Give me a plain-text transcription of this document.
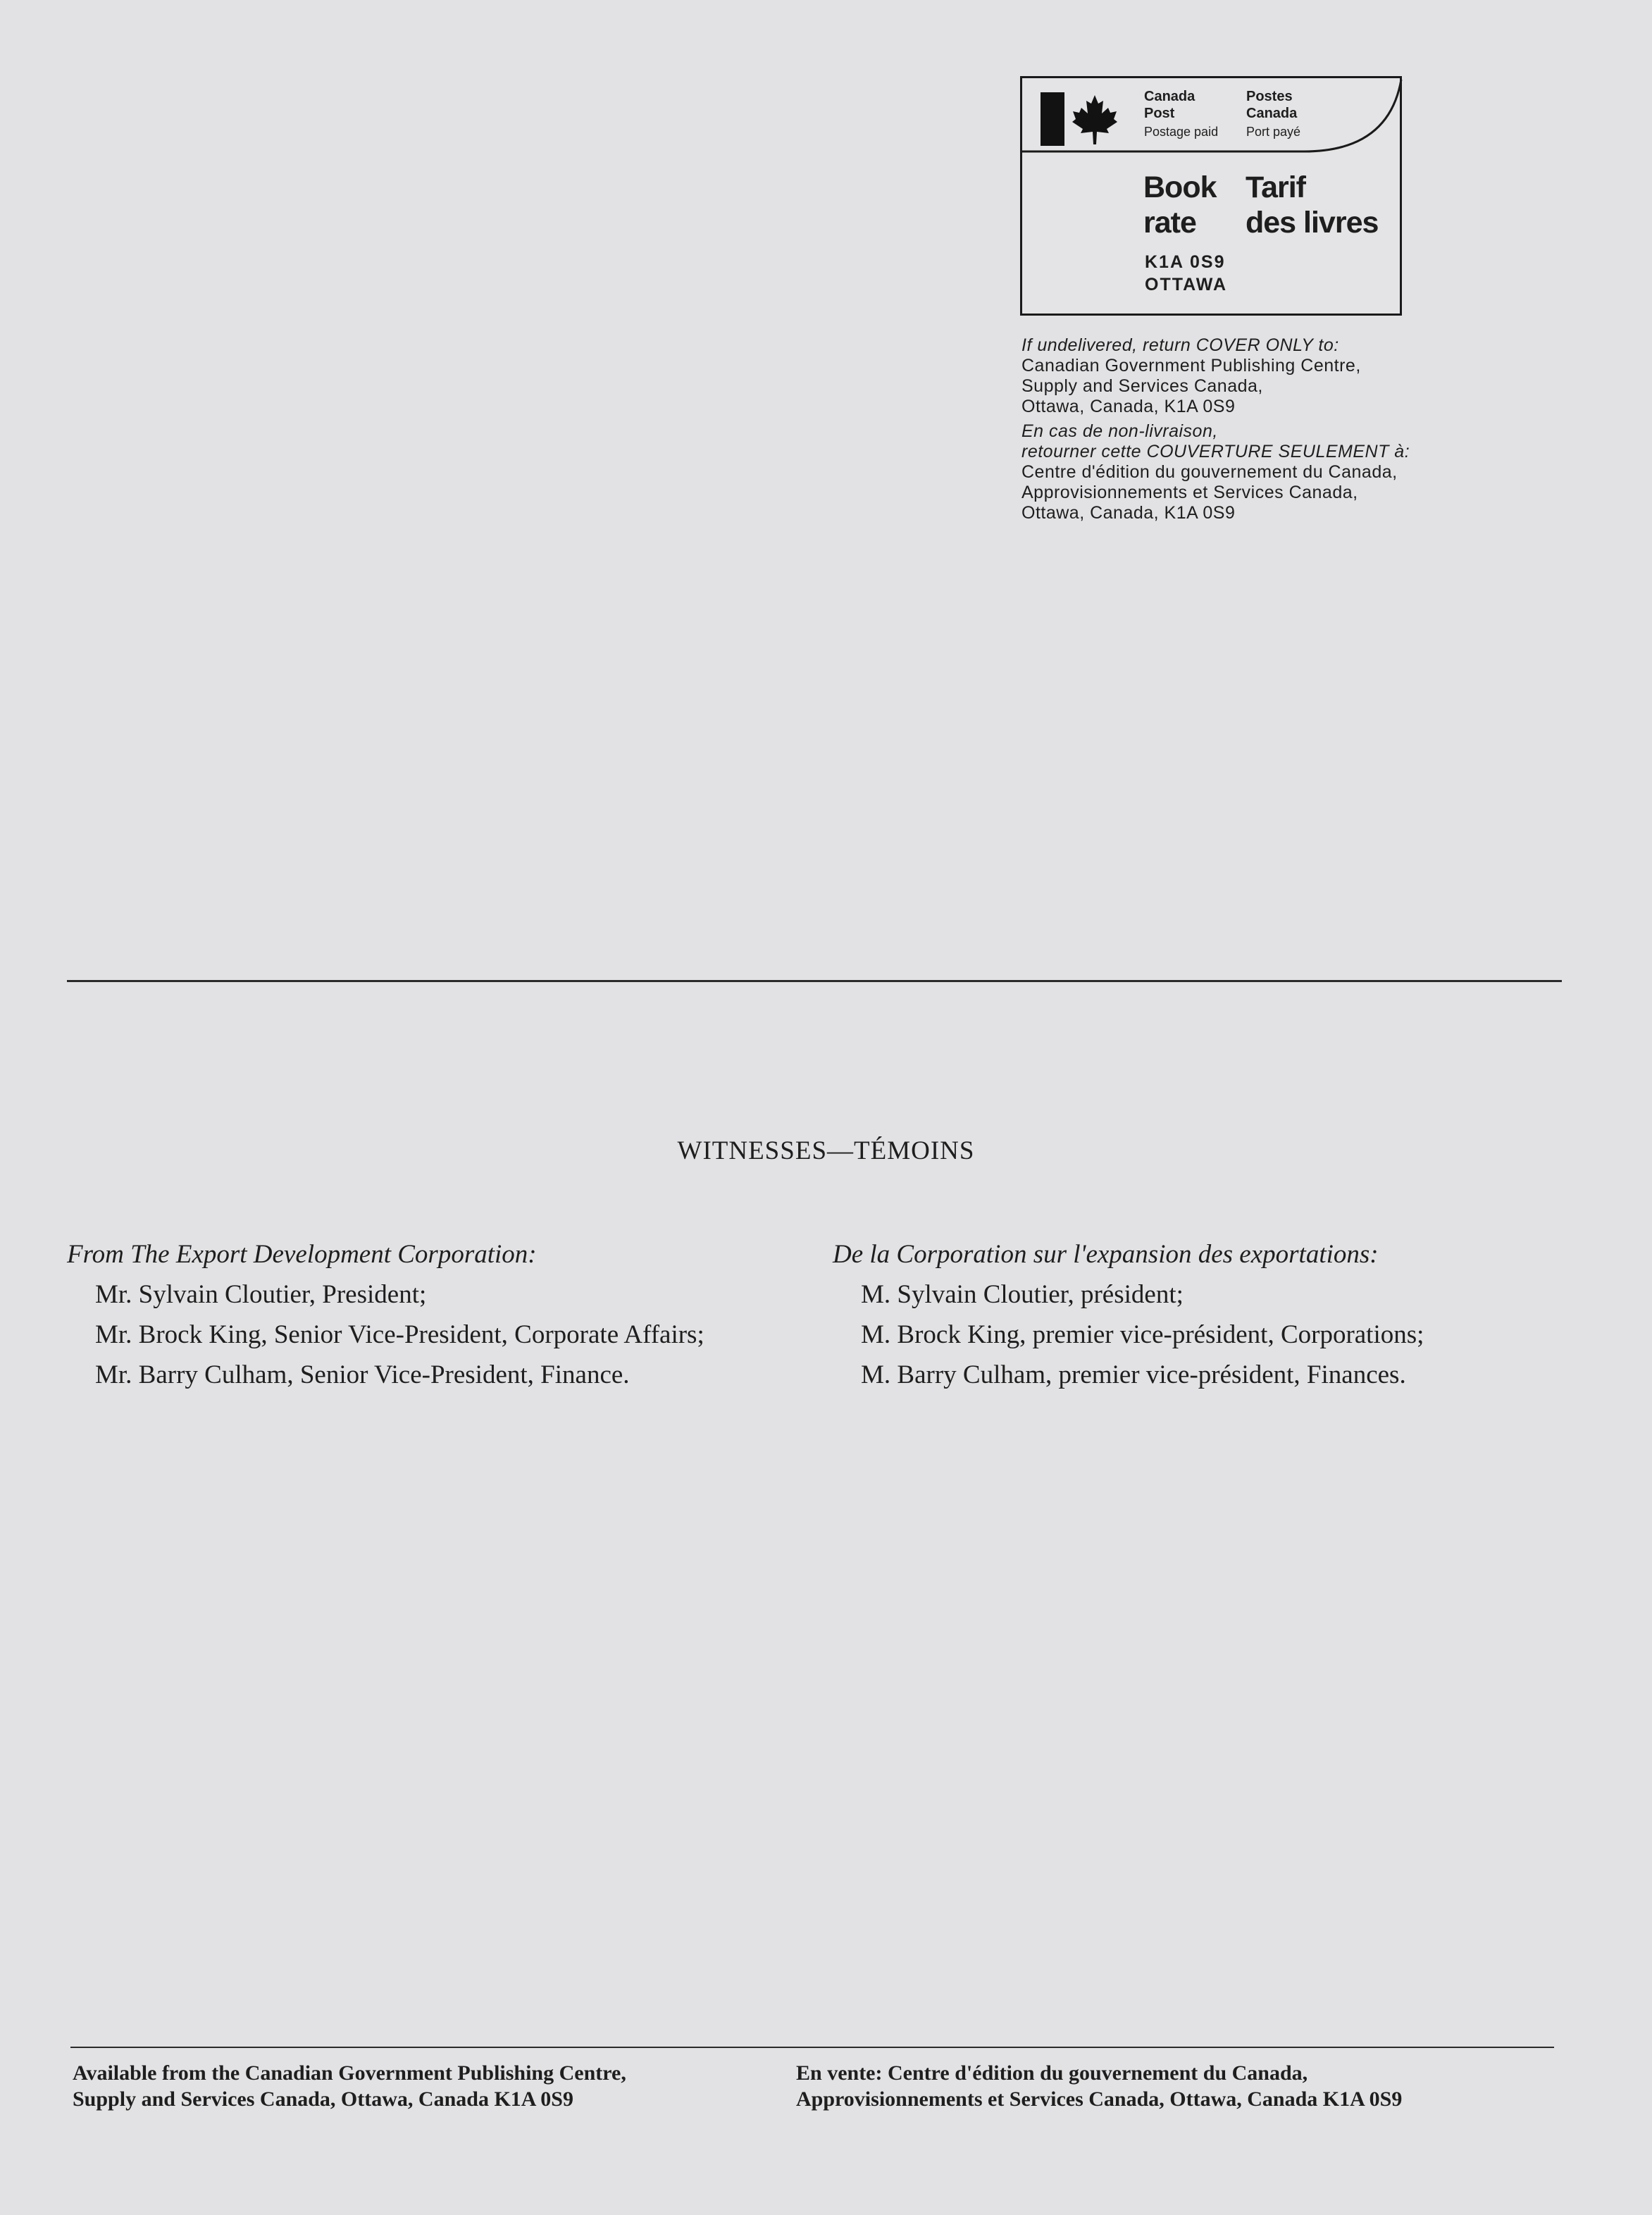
Canada
Post
Postage paid
Postes
Canada
Port payé
Book
rate
Tarif
des livres
K1A 0S9
OTTAWA
If undelivered, return COVER ONLY to:
Canadian Government Publishing Centre,
Supply and Services Canada,
Ottawa, Canada, K1A 0S9
En cas de non-livraison,
retourner cette COUVERTURE SEULEMENT à:
Centre d'édition du gouvernement du Canada,
Approvisionnements et Services Canada,
Ottawa, Canada, K1A 0S9
WITNESSES—TÉMOINS
From The Export Development Corporation:
Mr. Sylvain Cloutier, President;
Mr. Brock King, Senior Vice-President, Corporate Affairs;
Mr. Barry Culham, Senior Vice-President, Finance.
De la Corporation sur l'expansion des exportations:
M. Sylvain Cloutier, président;
M. Brock King, premier vice-président, Corporations;
M. Barry Culham, premier vice-président, Finances.
Available from the Canadian Government Publishing Centre,
Supply and Services Canada, Ottawa, Canada K1A 0S9
En vente: Centre d'édition du gouvernement du Canada,
Approvisionnements et Services Canada, Ottawa, Canada K1A 0S9
